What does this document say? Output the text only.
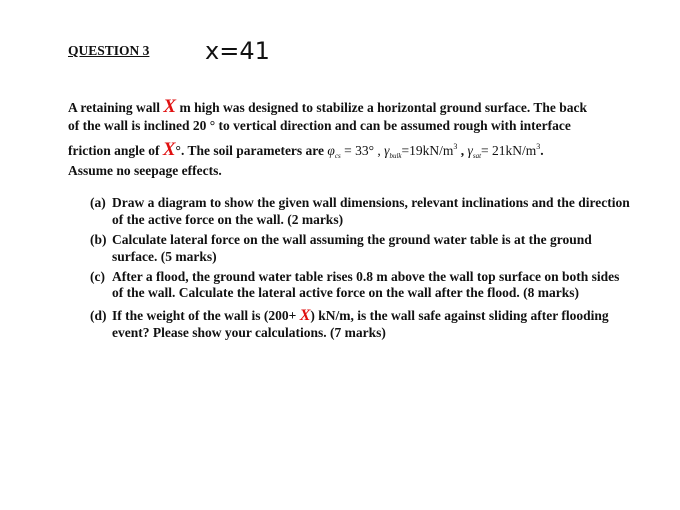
QUESTION 3 x=41
A retaining wall X m high was designed to stabilize a horizontal ground surface. The back
of the wall is inclined 20 ° to vertical direction and can be assumed rough with interface
friction angle of X°. The soil parameters are $\varphi_{cs} = 33^\circ$ , $\gamma_{bulk}=19kN/m^3$ , $\gamma_{sat}= 21kN/m^3$.
Assume no seepage effects.
(a) Draw a diagram to show the given wall dimensions, relevant inclinations and the direction of the active force on the wall. (2 marks)
(b) Calculate lateral force on the wall assuming the ground water table is at the ground surface. (5 marks)
(c) After a flood, the ground water table rises 0.8 m above the wall top surface on both sides of the wall. Calculate the lateral active force on the wall after the flood. (8 marks)
(d) If the weight of the wall is (200+ X) kN/m, is the wall safe against sliding after flooding event? Please show your calculations. (7 marks)
